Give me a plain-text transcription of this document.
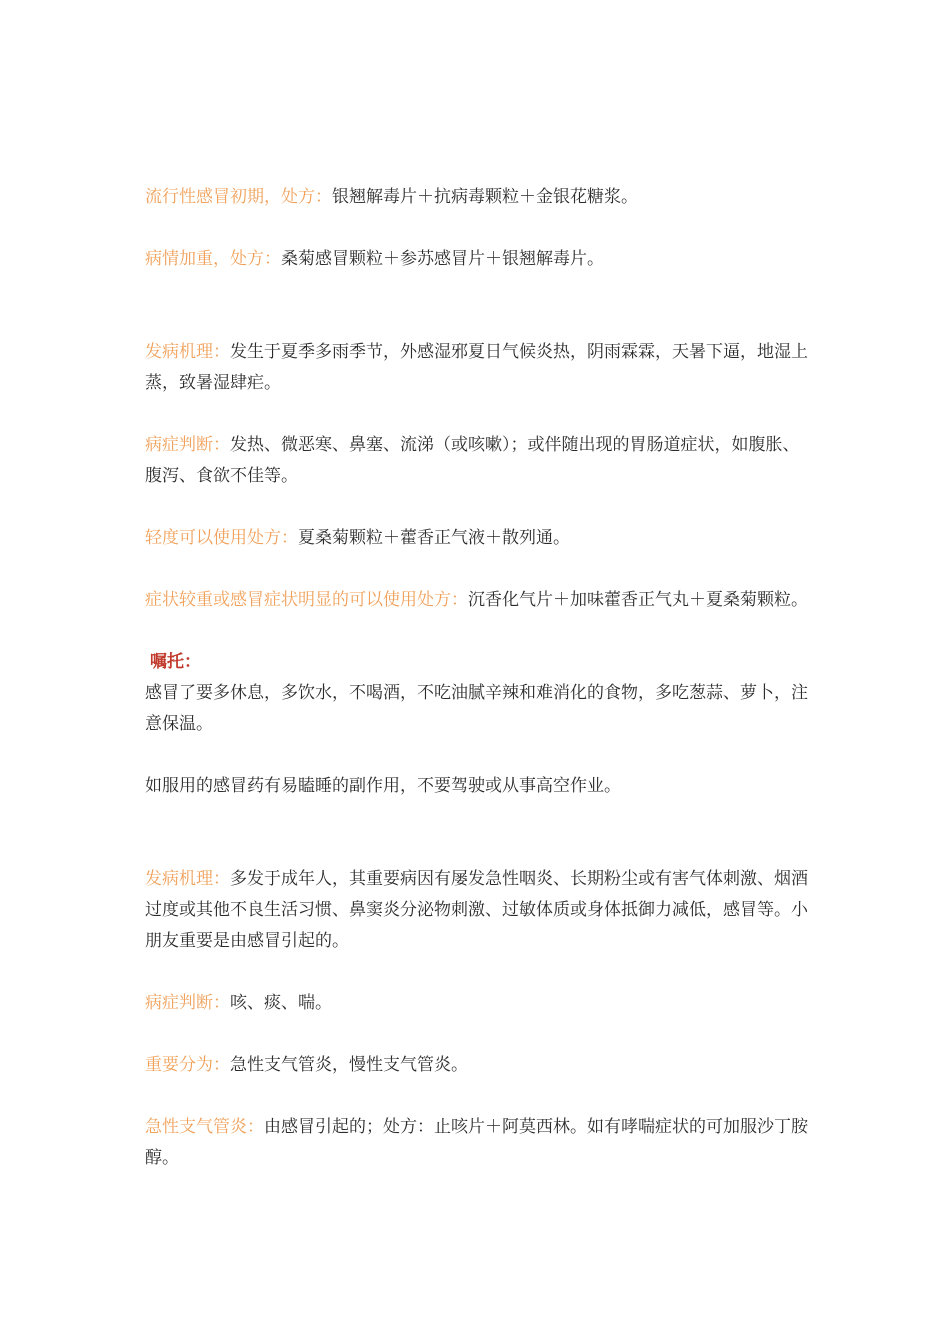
流行性感冒初期，处方：银翘解毒片＋抗病毒颗粒＋金银花糖浆。

病情加重，处方：桑菊感冒颗粒＋参苏感冒片＋银翘解毒片。

发病机理：发生于夏季多雨季节，外感湿邪夏日气候炎热，阴雨霖霖，天暑下逼，地湿上蒸，致暑湿肆疟。

病症判断：发热、微恶寒、鼻塞、流涕（或咳嗽）；或伴随出现的胃肠道症状，如腹胀、腹泻、食欲不佳等。

轻度可以使用处方：夏桑菊颗粒＋藿香正气液＋散列通。

症状较重或感冒症状明显的可以使用处方：沉香化气片＋加味藿香正气丸＋夏桑菊颗粒。

嘱托：

感冒了要多休息，多饮水，不喝酒，不吃油腻辛辣和难消化的食物，多吃葱蒜、萝卜，注意保温。

如服用的感冒药有易瞌睡的副作用，不要驾驶或从事高空作业。

发病机理：多发于成年人，其重要病因有屡发急性咽炎、长期粉尘或有害气体刺激、烟酒过度或其他不良生活习惯、鼻窦炎分泌物刺激、过敏体质或身体抵御力减低，感冒等。小朋友重要是由感冒引起的。

病症判断：咳、痰、喘。

重要分为：急性支气管炎，慢性支气管炎。

急性支气管炎：由感冒引起的；处方：止咳片＋阿莫西林。如有哮喘症状的可加服沙丁胺醇。
